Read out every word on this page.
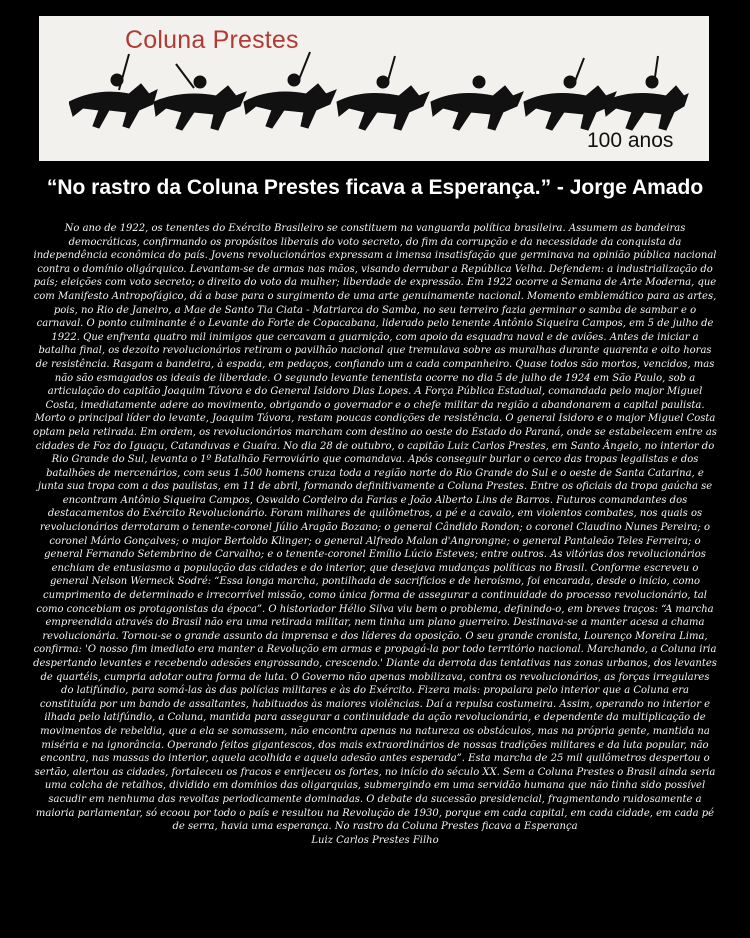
Coluna Prestes
100 anos
“No rastro da Coluna Prestes ficava a Esperança.” - Jorge Amado
No ano de 1922, os tenentes do Exército Brasileiro se constituem na vanguarda política brasileira. Assumem as bandeiras democráticas, confirmando os propósitos liberais do voto secreto, do fim da corrupção e da necessidade da conquista da independência econômica do país. Jovens revolucionários expressam a imensa insatisfação que germinava na opinião pública nacional contra o domínio oligárquico. Levantam-se de armas nas mãos, visando derrubar a República Velha. Defendem: a industrialização do país; eleições com voto secreto; o direito do voto da mulher; liberdade de expressão. Em 1922 ocorre a Semana de Arte Moderna, que com Manifesto Antropofágico, dá a base para o surgimento de uma arte genuinamente nacional. Momento emblemático para as artes, pois, no Rio de Janeiro, a Mae de Santo Tia Ciata - Matriarca do Samba, no seu terreiro fazia germinar o samba de sambar e o carnaval. O ponto culminante é o Levante do Forte de Copacabana, liderado pelo tenente Antônio Siqueira Campos, em 5 de julho de 1922. Que enfrenta quatro mil inimigos que cercavam a guarnição, com apoio da esquadra naval e de aviões. Antes de iniciar a batalha final, os dezoito revolucionários retiram o pavilhão nacional que tremulava sobre as muralhas durante quarenta e oito horas de resistência. Rasgam a bandeira, à espada, em pedaços, confiando um a cada companheiro. Quase todos são mortos, vencidos, mas não são esmagados os ideais de liberdade. O segundo levante tenentista ocorre no dia 5 de julho de 1924 em São Paulo, sob a articulação do capitão Joaquim Távora e do General Isidoro Dias Lopes. A Força Pública Estadual, comandada pelo major Miguel Costa, imediatamente adere ao movimento, obrigando o governador e o chefe militar da região a abandonarem a capital paulista. Morto o principal líder do levante, Joaquim Távora, restam poucas condições de resistência. O general Isidoro e o major Miguel Costa optam pela retirada. Em ordem, os revolucionários marcham com destino ao oeste do Estado do Paraná, onde se estabelecem entre as cidades de Foz do Iguaçu, Catanduvas e Guaíra. No dia 28 de outubro, o capitão Luiz Carlos Prestes, em Santo Ângelo, no interior do Rio Grande do Sul, levanta o 1º Batalhão Ferroviário que comandava. Após conseguir burlar o cerco das tropas legalistas e dos batalhões de mercenários, com seus 1.500 homens cruza toda a região norte do Rio Grande do Sul e o oeste de Santa Catarina, e junta sua tropa com a dos paulistas, em 11 de abril, formando definitivamente a Coluna Prestes. Entre os oficiais da tropa gaúcha se encontram Antônio Siqueira Campos, Oswaldo Cordeiro da Farias e João Alberto Lins de Barros. Futuros comandantes dos destacamentos do Exército Revolucionário. Foram milhares de quilômetros, a pé e a cavalo, em violentos combates, nos quais os revolucionários derrotaram o tenente-coronel Júlio Aragão Bozano; o general Cândido Rondon; o coronel Claudino Nunes Pereira; o coronel Mário Gonçalves; o major Bertoldo Klinger; o general Alfredo Malan d'Angrongne; o general Pantaleão Teles Ferreira; o general Fernando Setembrino de Carvalho; e o tenente-coronel Emílio Lúcio Esteves; entre outros. As vitórias dos revolucionários enchiam de entusiasmo a população das cidades e do interior, que desejava mudanças políticas no Brasil. Conforme escreveu o general Nelson Werneck Sodré: “Essa longa marcha, pontilhada de sacrifícios e de heroísmo, foi encarada, desde o início, como cumprimento de determinado e irrecorrível missão, como única forma de assegurar a continuidade do processo revolucionário, tal como concebiam os protagonistas da época”. O historiador Hélio Silva viu bem o problema, definindo-o, em breves traços: “A marcha empreendida através do Brasil não era uma retirada militar, nem tinha um plano guerreiro. Destinava-se a manter acesa a chama revolucionária. Tornou-se o grande assunto da imprensa e dos líderes da oposição. O seu grande cronista, Lourenço Moreira Lima, confirma: 'O nosso fim imediato era manter a Revolução em armas e propagá-la por todo território nacional. Marchando, a Coluna iria despertando levantes e recebendo adesões engrossando, crescendo.' Diante da derrota das tentativas nas zonas urbanos, dos levantes de quartéis, cumpria adotar outra forma de luta. O Governo não apenas mobilizava, contra os revolucionários, as forças irregulares do latifúndio, para somá-las às das polícias militares e às do Exército. Fizera mais: propalara pelo interior que a Coluna era constituída por um bando de assaltantes, habituados às maiores violências. Daí a repulsa costumeira. Assim, operando no interior e ilhada pelo latifúndio, a Coluna, mantida para assegurar a continuidade da ação revolucionária, e dependente da multiplicação de movimentos de rebeldia, que a ela se somassem, não encontra apenas na natureza os obstáculos, mas na própria gente, mantida na miséria e na ignorância. Operando feitos gigantescos, dos mais extraordinários de nossas tradições militares e da luta popular, não encontra, nas massas do interior, aquela acolhida e aquela adesão antes esperada”. Esta marcha de 25 mil quilômetros despertou o sertão, alertou as cidades, fortaleceu os fracos e enrijeceu os fortes, no início do século XX. Sem a Coluna Prestes o Brasil ainda seria uma colcha de retalhos, dividido em domínios das oligarquias, submergindo em uma servidão humana que não tinha sido possível sacudir em nenhuma das revoltas periodicamente dominadas. O debate da sucessão presidencial, fragmentando ruidosamente a maioria parlamentar, só ecoou por todo o país e resultou na Revolução de 1930, porque em cada capital, em cada cidade, em cada pé de serra, havia uma esperança. No rastro da Coluna Prestes ficava a Esperança
Luiz Carlos Prestes Filho
